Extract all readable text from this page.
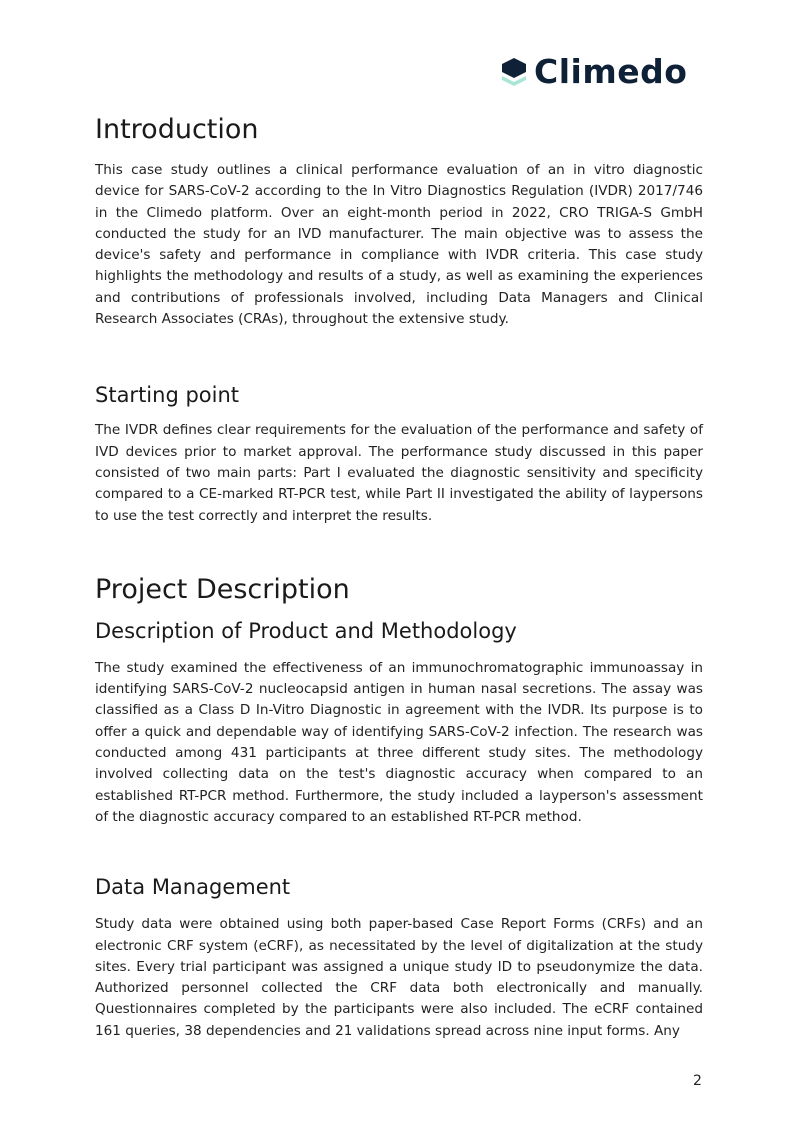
Climedo
Introduction

This case study outlines a clinical performance evaluation of an in vitro diagnostic device for SARS-CoV-2 according to the In Vitro Diagnostics Regulation (IVDR) 2017/746 in the Climedo platform. Over an eight-month period in 2022, CRO TRIGA-S GmbH conducted the study for an IVD manufacturer. The main objective was to assess the device's safety and performance in compliance with IVDR criteria. This case study highlights the methodology and results of a study, as well as examining the experiences and contributions of professionals involved, including Data Managers and Clinical Research Associates (CRAs), throughout the extensive study.

Starting point

The IVDR defines clear requirements for the evaluation of the performance and safety of IVD devices prior to market approval. The performance study discussed in this paper consisted of two main parts: Part I evaluated the diagnostic sensitivity and specificity compared to a CE-marked RT-PCR test, while Part II investigated the ability of laypersons to use the test correctly and interpret the results.

Project Description
Description of Product and Methodology

The study examined the effectiveness of an immunochromatographic immunoassay in identifying SARS-CoV-2 nucleocapsid antigen in human nasal secretions. The assay was classified as a Class D In-Vitro Diagnostic in agreement with the IVDR. Its purpose is to offer a quick and dependable way of identifying SARS-CoV-2 infection. The research was conducted among 431 participants at three different study sites. The methodology involved collecting data on the test's diagnostic accuracy when compared to an established RT-PCR method. Furthermore, the study included a layperson's assessment of the diagnostic accuracy compared to an established RT-PCR method.

Data Management

Study data were obtained using both paper-based Case Report Forms (CRFs) and an electronic CRF system (eCRF), as necessitated by the level of digitalization at the study sites. Every trial participant was assigned a unique study ID to pseudonymize the data. Authorized personnel collected the CRF data both electronically and manually. Questionnaires completed by the participants were also included. The eCRF contained 161 queries, 38 dependencies and 21 validations spread across nine input forms. Any

2
